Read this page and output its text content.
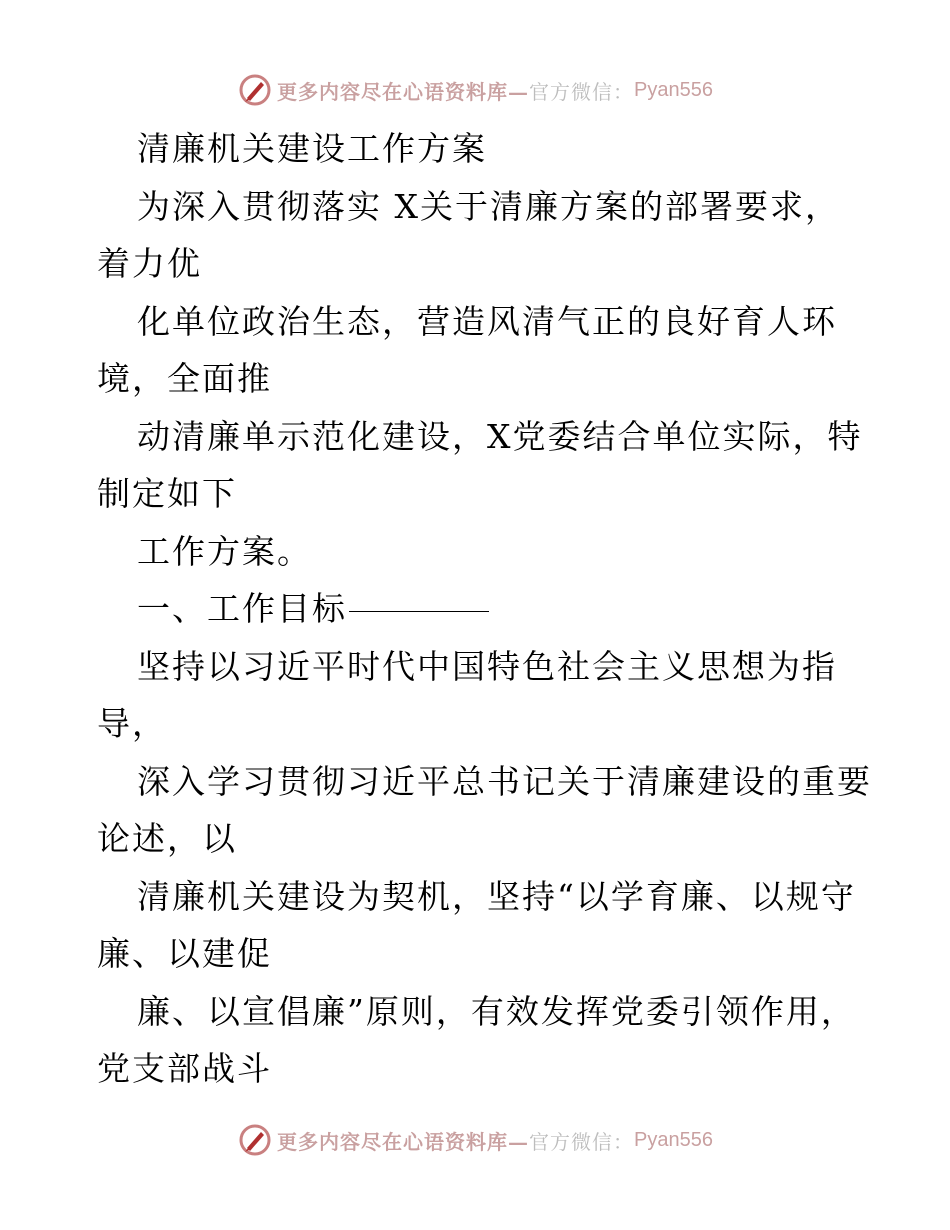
更多内容尽在心语资料库— 官方微信： Pyan556
清廉机关建设工作方案
为深入贯彻落实 X关于清廉方案的部署要求，
着力优
化单位政治生态，营造风清气正的良好育人环
境，全面推
动清廉单示范化建设，X党委结合单位实际，特
制定如下
工作方案。
一、工作目标
坚持以习近平时代中国特色社会主义思想为指
导，
深入学习贯彻习近平总书记关于清廉建设的重要
论述，以
清廉机关建设为契机，坚持“以学育廉、以规守
廉、以建促
廉、以宣倡廉”原则，有效发挥党委引领作用，
党支部战斗
更多内容尽在心语资料库— 官方微信： Pyan556
